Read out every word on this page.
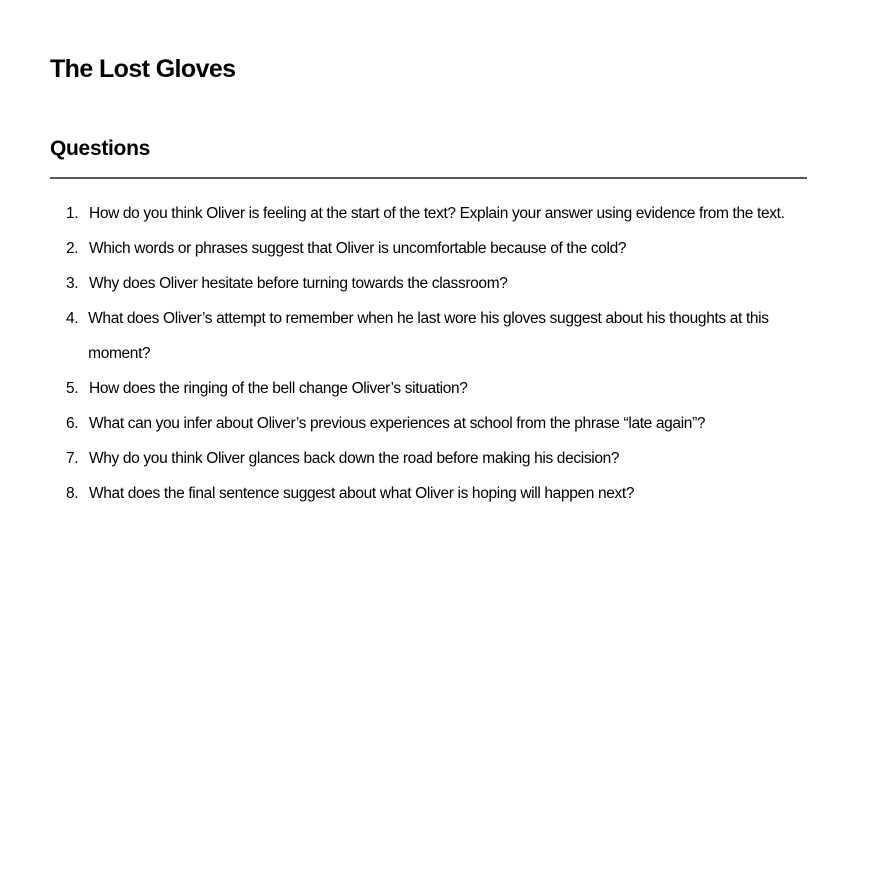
The Lost Gloves
Questions
1. How do you think Oliver is feeling at the start of the text? Explain your answer using evidence from the text.
2. Which words or phrases suggest that Oliver is uncomfortable because of the cold?
3. Why does Oliver hesitate before turning towards the classroom?
4. What does Oliver’s attempt to remember when he last wore his gloves suggest about his thoughts at this moment?
5. How does the ringing of the bell change Oliver’s situation?
6. What can you infer about Oliver’s previous experiences at school from the phrase “late again”?
7. Why do you think Oliver glances back down the road before making his decision?
8. What does the final sentence suggest about what Oliver is hoping will happen next?
